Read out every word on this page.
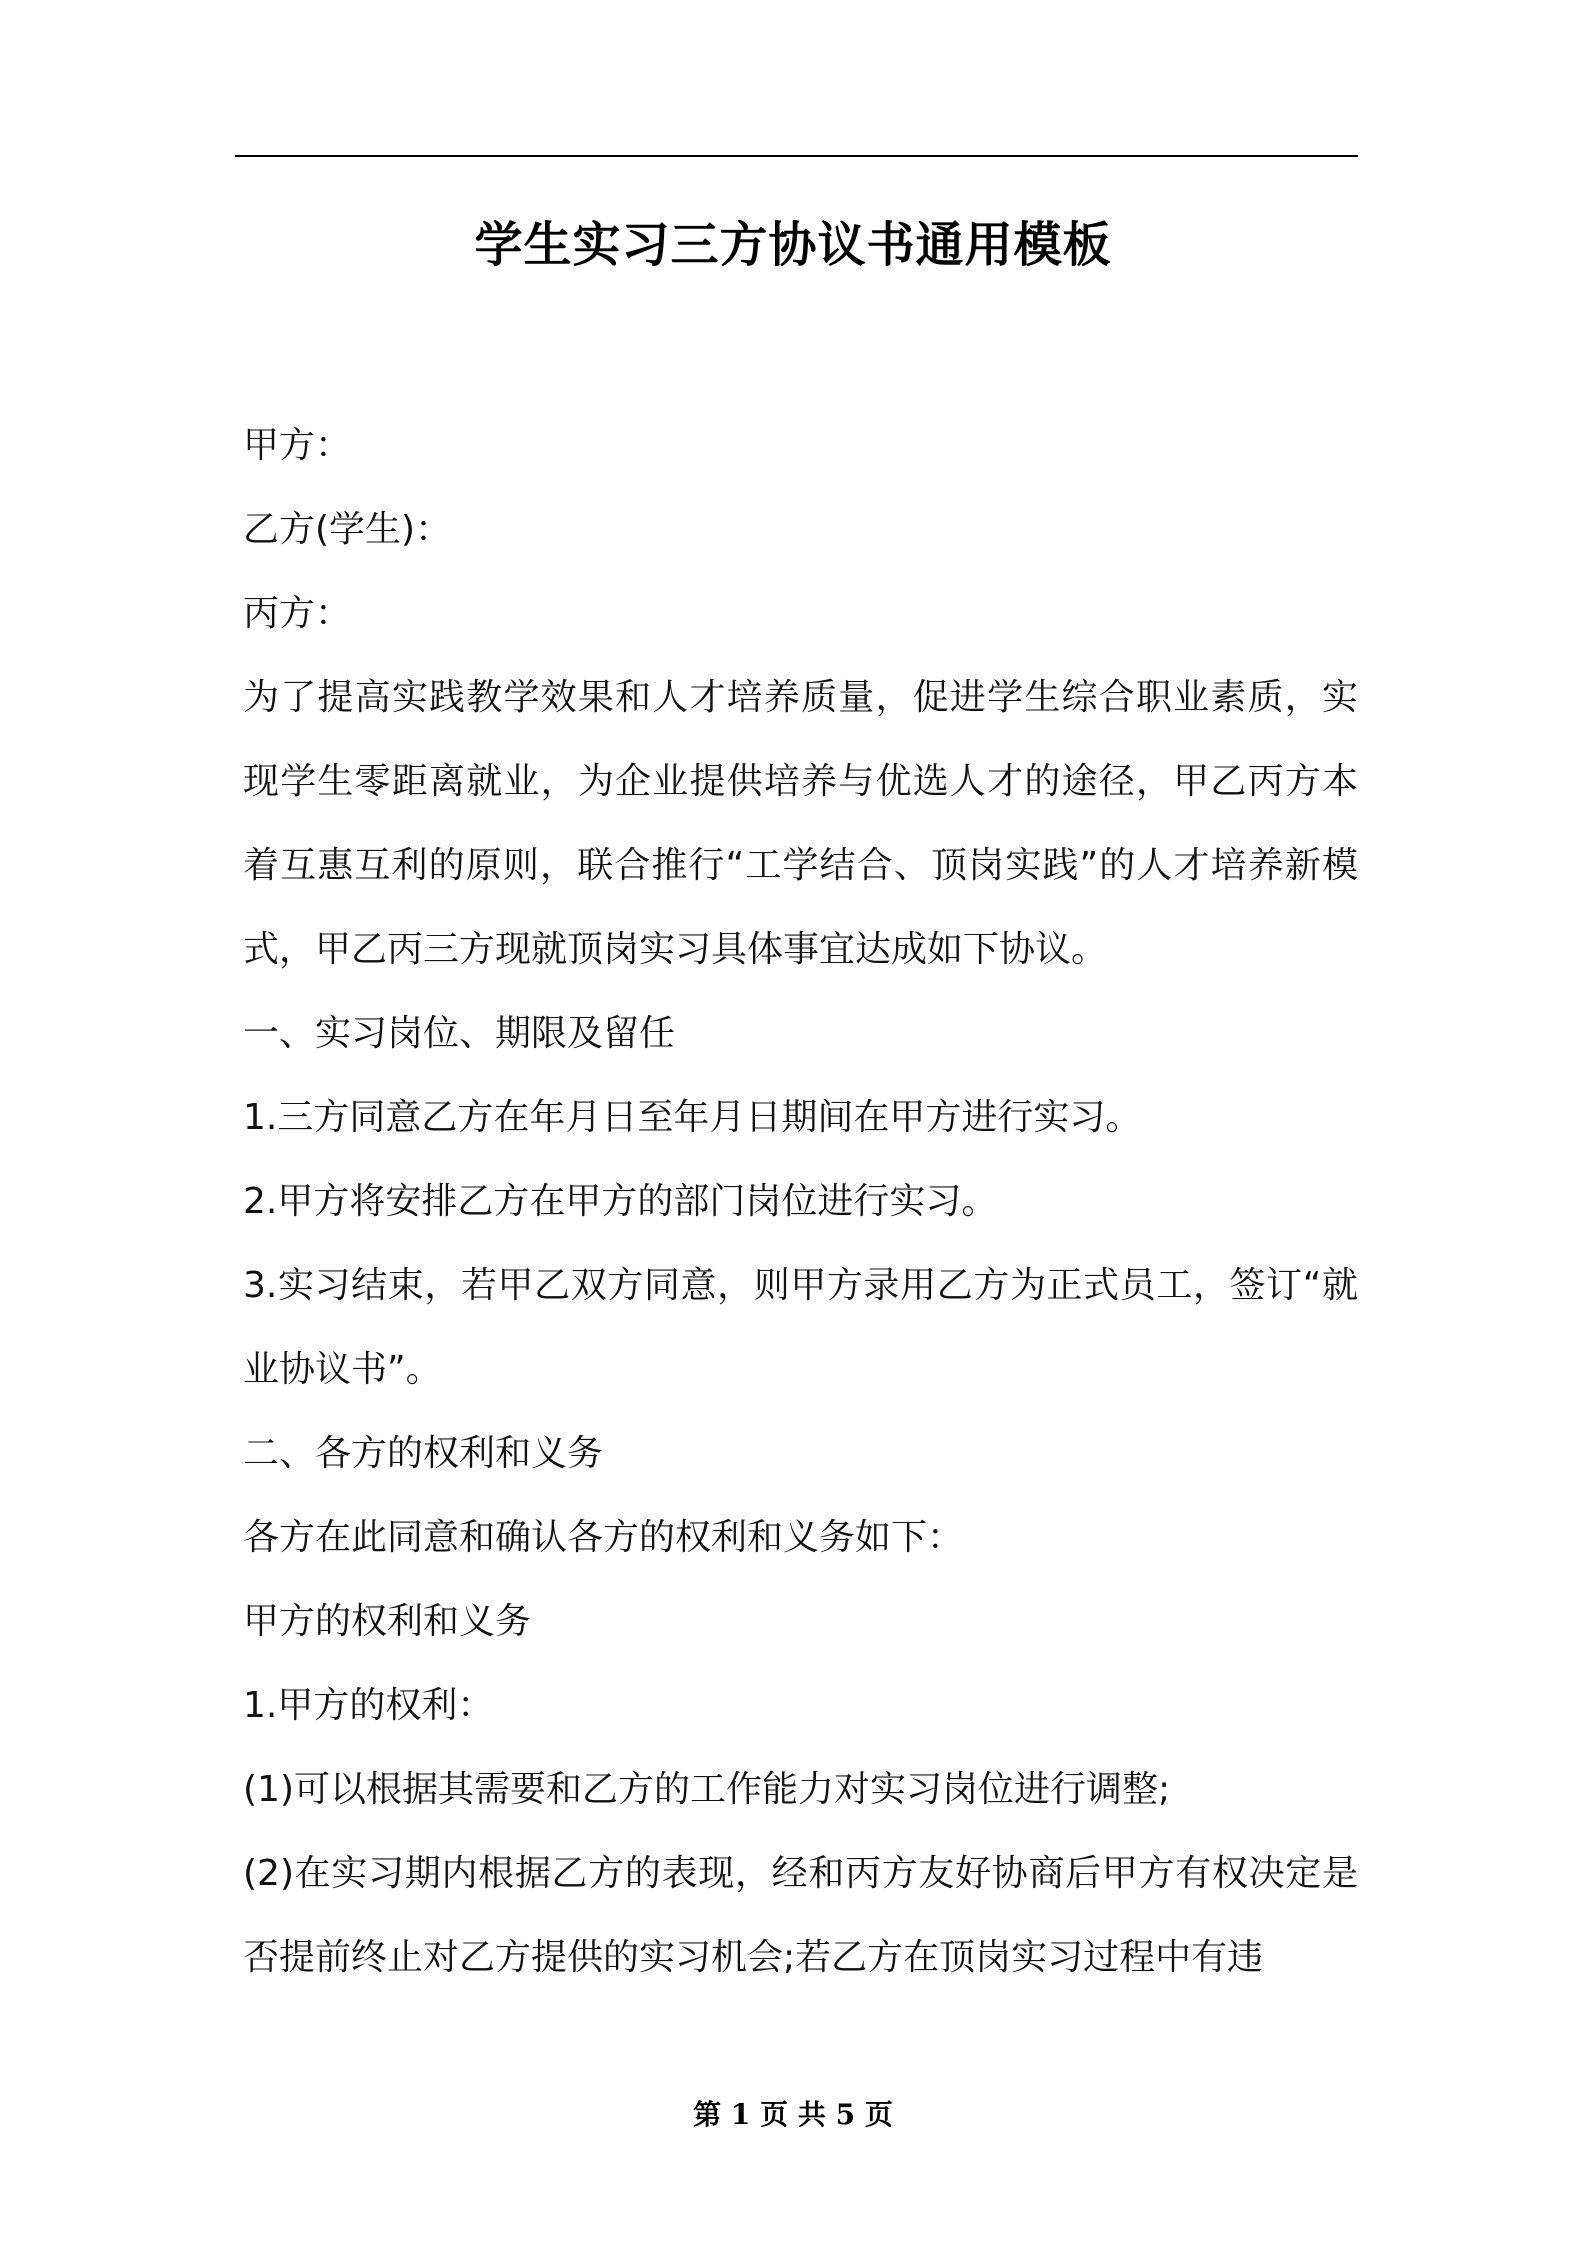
学生实习三方协议书通用模板

甲方：

乙方(学生)：

丙方：

为了提高实践教学效果和人才培养质量，促进学生综合职业素质，实现学生零距离就业，为企业提供培养与优选人才的途径，甲乙丙方本着互惠互利的原则，联合推行“工学结合、顶岗实践”的人才培养新模式，甲乙丙三方现就顶岗实习具体事宜达成如下协议。

一、实习岗位、期限及留任

1.三方同意乙方在年月日至年月日期间在甲方进行实习。

2.甲方将安排乙方在甲方的部门岗位进行实习。

3.实习结束，若甲乙双方同意，则甲方录用乙方为正式员工，签订“就业协议书”。

二、各方的权利和义务

各方在此同意和确认各方的权利和义务如下：

甲方的权利和义务

1.甲方的权利：

(1)可以根据其需要和乙方的工作能力对实习岗位进行调整;

(2)在实习期内根据乙方的表现，经和丙方友好协商后甲方有权决定是否提前终止对乙方提供的实习机会;若乙方在顶岗实习过程中有违

第 1 页 共 5 页
